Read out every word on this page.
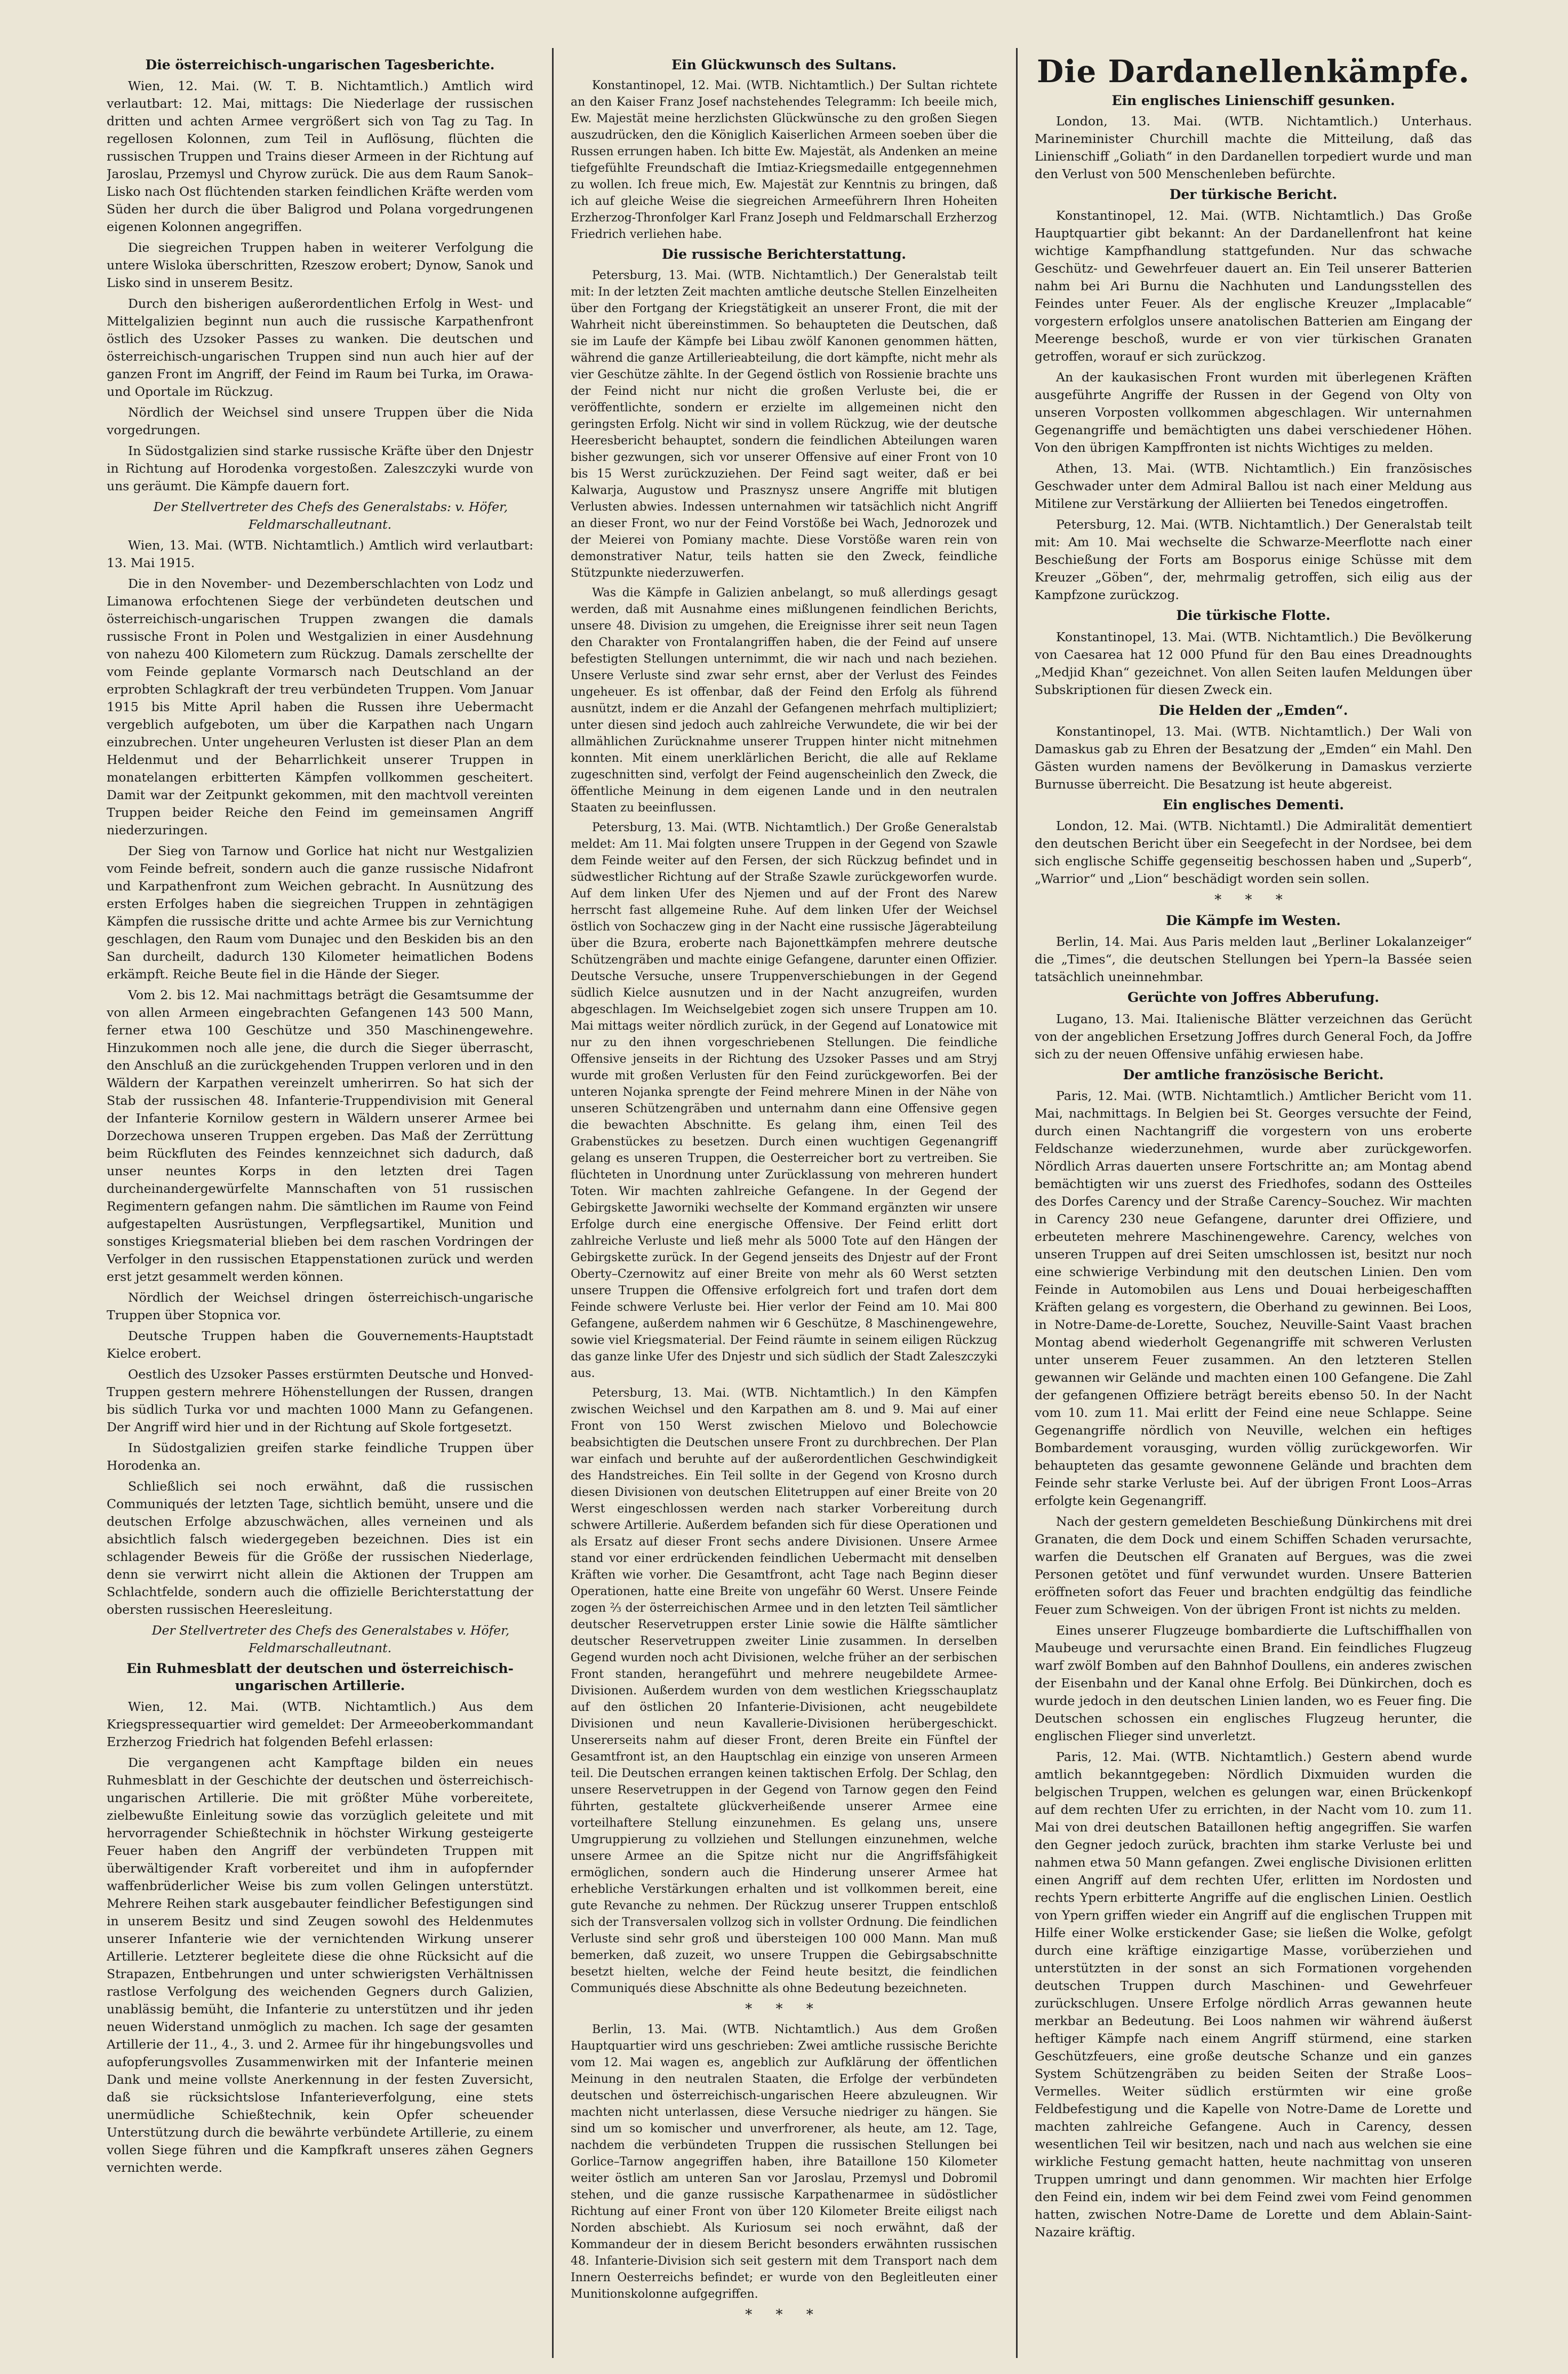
Die österreichisch-ungarischen Tagesberichte.

Wien, 12. Mai. (W. T. B. Nichtamtlich.) Amtlich wird verlautbart: 12. Mai, mittags: Die Niederlage der russischen dritten und achten Armee vergrößert sich von Tag zu Tag. In regellosen Kolonnen, zum Teil in Auflösung, flüchten die russischen Truppen und Trains dieser Armeen in der Richtung auf Jaroslau, Przemysl und Chyrow zurück. Die aus dem Raum Sanok–Lisko nach Ost flüchtenden starken feindlichen Kräfte werden vom Süden her durch die über Baligrod und Polana vorgedrungenen eigenen Kolonnen angegriffen.

Die siegreichen Truppen haben in weiterer Verfolgung die untere Wisloka überschritten, Rzeszow erobert; Dynow, Sanok und Lisko sind in unserem Besitz.

Durch den bisherigen außerordentlichen Erfolg in West- und Mittelgalizien beginnt nun auch die russische Karpathenfront östlich des Uzsoker Passes zu wanken. Die deutschen und österreichisch-ungarischen Truppen sind nun auch hier auf der ganzen Front im Angriff, der Feind im Raum bei Turka, im Orawa- und Oportale im Rückzug.

Nördlich der Weichsel sind unsere Truppen über die Nida vorgedrungen.

In Südostgalizien sind starke russische Kräfte über den Dnjestr in Richtung auf Horodenka vorgestoßen. Zaleszczyki wurde von uns geräumt. Die Kämpfe dauern fort.

Der Stellvertreter des Chefs des Generalstabs: v. Höfer, Feldmarschalleutnant.

Wien, 13. Mai. (WTB. Nichtamtlich.) Amtlich wird verlautbart: 13. Mai 1915.

Die in den November- und Dezemberschlachten von Lodz und Limanowa erfochtenen Siege der verbündeten deutschen und österreichisch-ungarischen Truppen zwangen die damals russische Front in Polen und Westgalizien in einer Ausdehnung von nahezu 400 Kilometern zum Rückzug. Damals zerschellte der vom Feinde geplante Vormarsch nach Deutschland an der erprobten Schlagkraft der treu verbündeten Truppen. Vom Januar 1915 bis Mitte April haben die Russen ihre Uebermacht vergeblich aufgeboten, um über die Karpathen nach Ungarn einzubrechen. Unter ungeheuren Verlusten ist dieser Plan an dem Heldenmut und der Beharrlichkeit unserer Truppen in monatelangen erbitterten Kämpfen vollkommen gescheitert. Damit war der Zeitpunkt gekommen, mit den machtvoll vereinten Truppen beider Reiche den Feind im gemeinsamen Angriff niederzuringen.

Der Sieg von Tarnow und Gorlice hat nicht nur Westgalizien vom Feinde befreit, sondern auch die ganze russische Nidafront und Karpathenfront zum Weichen gebracht. In Ausnützung des ersten Erfolges haben die siegreichen Truppen in zehntägigen Kämpfen die russische dritte und achte Armee bis zur Vernichtung geschlagen, den Raum vom Dunajec und den Beskiden bis an den San durcheilt, dadurch 130 Kilometer heimatlichen Bodens erkämpft. Reiche Beute fiel in die Hände der Sieger.

Vom 2. bis 12. Mai nachmittags beträgt die Gesamtsumme der von allen Armeen eingebrachten Gefangenen 143 500 Mann, ferner etwa 100 Geschütze und 350 Maschinengewehre. Hinzukommen noch alle jene, die durch die Sieger überrascht, den Anschluß an die zurückgehenden Truppen verloren und in den Wäldern der Karpathen vereinzelt umherirren. So hat sich der Stab der russischen 48. Infanterie-Truppendivision mit General der Infanterie Kornilow gestern in Wäldern unserer Armee bei Dorzechowa unseren Truppen ergeben. Das Maß der Zerrüttung beim Rückfluten des Feindes kennzeichnet sich dadurch, daß unser neuntes Korps in den letzten drei Tagen durcheinandergewürfelte Mannschaften von 51 russischen Regimentern gefangen nahm. Die sämtlichen im Raume von Feind aufgestapelten Ausrüstungen, Verpflegsartikel, Munition und sonstiges Kriegsmaterial blieben bei dem raschen Vordringen der Verfolger in den russischen Etappenstationen zurück und werden erst jetzt gesammelt werden können.

Nördlich der Weichsel dringen österreichisch-ungarische Truppen über Stopnica vor.

Deutsche Truppen haben die Gouvernements-Hauptstadt Kielce erobert.

Oestlich des Uzsoker Passes erstürmten Deutsche und Honved-Truppen gestern mehrere Höhenstellungen der Russen, drangen bis südlich Turka vor und machten 1000 Mann zu Gefangenen. Der Angriff wird hier und in der Richtung auf Skole fortgesetzt.

In Südostgalizien greifen starke feindliche Truppen über Horodenka an.

Schließlich sei noch erwähnt, daß die russischen Communiqués der letzten Tage, sichtlich bemüht, unsere und die deutschen Erfolge abzuschwächen, alles verneinen und als absichtlich falsch wiedergegeben bezeichnen. Dies ist ein schlagender Beweis für die Größe der russischen Niederlage, denn sie verwirrt nicht allein die Aktionen der Truppen am Schlachtfelde, sondern auch die offizielle Berichterstattung der obersten russischen Heeresleitung.

Der Stellvertreter des Chefs des Generalstabes v. Höfer, Feldmarschalleutnant.

Ein Ruhmesblatt der deutschen und österreichisch-ungarischen Artillerie.

Wien, 12. Mai. (WTB. Nichtamtlich.) Aus dem Kriegspressequartier wird gemeldet: Der Armeeoberkommandant Erzherzog Friedrich hat folgenden Befehl erlassen:

Die vergangenen acht Kampftage bilden ein neues Ruhmesblatt in der Geschichte der deutschen und österreichisch-ungarischen Artillerie. Die mit größter Mühe vorbereitete, zielbewußte Einleitung sowie das vorzüglich geleitete und mit hervorragender Schießtechnik in höchster Wirkung gesteigerte Feuer haben den Angriff der verbündeten Truppen mit überwältigender Kraft vorbereitet und ihm in aufopfernder waffenbrüderlicher Weise bis zum vollen Gelingen unterstützt. Mehrere Reihen stark ausgebauter feindlicher Befestigungen sind in unserem Besitz und sind Zeugen sowohl des Heldenmutes unserer Infanterie wie der vernichtenden Wirkung unserer Artillerie. Letzterer begleitete diese die ohne Rücksicht auf die Strapazen, Entbehrungen und unter schwierigsten Verhältnissen rastlose Verfolgung des weichenden Gegners durch Galizien, unablässig bemüht, die Infanterie zu unterstützen und ihr jeden neuen Widerstand unmöglich zu machen. Ich sage der gesamten Artillerie der 11., 4., 3. und 2. Armee für ihr hingebungsvolles und aufopferungsvolles Zusammenwirken mit der Infanterie meinen Dank und meine vollste Anerkennung in der festen Zuversicht, daß sie rücksichtslose Infanterieverfolgung, eine stets unermüdliche Schießtechnik, kein Opfer scheuender Unterstützung durch die bewährte verbündete Artillerie, zu einem vollen Siege führen und die Kampfkraft unseres zähen Gegners vernichten werde.

Ein Glückwunsch des Sultans.

Konstantinopel, 12. Mai. (WTB. Nichtamtlich.) Der Sultan richtete an den Kaiser Franz Josef nachstehendes Telegramm: Ich beeile mich, Ew. Majestät meine herzlichsten Glückwünsche zu den großen Siegen auszudrücken, den die Königlich Kaiserlichen Armeen soeben über die Russen errungen haben. Ich bitte Ew. Majestät, als Andenken an meine tiefgefühlte Freundschaft die Imtiaz-Kriegsmedaille entgegennehmen zu wollen. Ich freue mich, Ew. Majestät zur Kenntnis zu bringen, daß ich auf gleiche Weise die siegreichen Armeeführern Ihren Hoheiten Erzherzog-Thronfolger Karl Franz Joseph und Feldmarschall Erzherzog Friedrich verliehen habe.

Die russische Berichterstattung.

Petersburg, 13. Mai. (WTB. Nichtamtlich.) Der Generalstab teilt mit: In der letzten Zeit machten amtliche deutsche Stellen Einzelheiten über den Fortgang der Kriegstätigkeit an unserer Front, die mit der Wahrheit nicht übereinstimmen. So behaupteten die Deutschen, daß sie im Laufe der Kämpfe bei Libau zwölf Kanonen genommen hätten, während die ganze Artillerieabteilung, die dort kämpfte, nicht mehr als vier Geschütze zählte. In der Gegend östlich von Rossienie brachte uns der Feind nicht nur nicht die großen Verluste bei, die er veröffentlichte, sondern er erzielte im allgemeinen nicht den geringsten Erfolg. Nicht wir sind in vollem Rückzug, wie der deutsche Heeresbericht behauptet, sondern die feindlichen Abteilungen waren bisher gezwungen, sich vor unserer Offensive auf einer Front von 10 bis 15 Werst zurückzuziehen. Der Feind sagt weiter, daß er bei Kalwarja, Augustow und Prasznysz unsere Angriffe mit blutigen Verlusten abwies. Indessen unternahmen wir tatsächlich nicht Angriff an dieser Front, wo nur der Feind Vorstöße bei Wach, Jednorozek und der Meierei von Pomiany machte. Diese Vorstöße waren rein von demonstrativer Natur, teils hatten sie den Zweck, feindliche Stützpunkte niederzuwerfen.

Was die Kämpfe in Galizien anbelangt, so muß allerdings gesagt werden, daß mit Ausnahme eines mißlungenen feindlichen Berichts, unsere 48. Division zu umgehen, die Ereignisse ihrer seit neun Tagen den Charakter von Frontalangriffen haben, die der Feind auf unsere befestigten Stellungen unternimmt, die wir nach und nach beziehen. Unsere Verluste sind zwar sehr ernst, aber der Verlust des Feindes ungeheuer. Es ist offenbar, daß der Feind den Erfolg als führend ausnützt, indem er die Anzahl der Gefangenen mehrfach multipliziert; unter diesen sind jedoch auch zahlreiche Verwundete, die wir bei der allmählichen Zurücknahme unserer Truppen hinter nicht mitnehmen konnten. Mit einem unerklärlichen Bericht, die alle auf Reklame zugeschnitten sind, verfolgt der Feind augenscheinlich den Zweck, die öffentliche Meinung in dem eigenen Lande und in den neutralen Staaten zu beeinflussen.

Petersburg, 13. Mai. (WTB. Nichtamtlich.) Der Große Generalstab meldet: Am 11. Mai folgten unsere Truppen in der Gegend von Szawle dem Feinde weiter auf den Fersen, der sich Rückzug befindet und in südwestlicher Richtung auf der Straße Szawle zurückgeworfen wurde. Auf dem linken Ufer des Njemen und auf der Front des Narew herrscht fast allgemeine Ruhe. Auf dem linken Ufer der Weichsel östlich von Sochaczew ging in der Nacht eine russische Jägerabteilung über die Bzura, eroberte nach Bajonettkämpfen mehrere deutsche Schützengräben und machte einige Gefangene, darunter einen Offizier. Deutsche Versuche, unsere Truppenverschiebungen in der Gegend südlich Kielce ausnutzen und in der Nacht anzugreifen, wurden abgeschlagen. Im Weichselgebiet zogen sich unsere Truppen am 10. Mai mittags weiter nördlich zurück, in der Gegend auf Lonatowice mit nur zu den ihnen vorgeschriebenen Stellungen. Die feindliche Offensive jenseits in der Richtung des Uzsoker Passes und am Stryj wurde mit großen Verlusten für den Feind zurückgeworfen. Bei der unteren Nojanka sprengte der Feind mehrere Minen in der Nähe von unseren Schützengräben und unternahm dann eine Offensive gegen die bewachten Abschnitte. Es gelang ihm, einen Teil des Grabenstückes zu besetzen. Durch einen wuchtigen Gegenangriff gelang es unseren Truppen, die Oesterreicher bort zu vertreiben. Sie flüchteten in Unordnung unter Zurücklassung von mehreren hundert Toten. Wir machten zahlreiche Gefangene. In der Gegend der Gebirgskette Jaworniki wechselte der Kommand ergänzten wir unsere Erfolge durch eine energische Offensive. Der Feind erlitt dort zahlreiche Verluste und ließ mehr als 5000 Tote auf den Hängen der Gebirgskette zurück. In der Gegend jenseits des Dnjestr auf der Front Oberty–Czernowitz auf einer Breite von mehr als 60 Werst setzten unsere Truppen die Offensive erfolgreich fort und trafen dort dem Feinde schwere Verluste bei. Hier verlor der Feind am 10. Mai 800 Gefangene, außerdem nahmen wir 6 Geschütze, 8 Maschinengewehre, sowie viel Kriegsmaterial. Der Feind räumte in seinem eiligen Rückzug das ganze linke Ufer des Dnjestr und sich südlich der Stadt Zaleszczyki aus.

Petersburg, 13. Mai. (WTB. Nichtamtlich.) In den Kämpfen zwischen Weichsel und den Karpathen am 8. und 9. Mai auf einer Front von 150 Werst zwischen Mielovo und Bolechowcie beabsichtigten die Deutschen unsere Front zu durchbrechen. Der Plan war einfach und beruhte auf der außerordentlichen Geschwindigkeit des Handstreiches. Ein Teil sollte in der Gegend von Krosno durch diesen Divisionen von deutschen Elitetruppen auf einer Breite von 20 Werst eingeschlossen werden nach starker Vorbereitung durch schwere Artillerie. Außerdem befanden sich für diese Operationen und als Ersatz auf dieser Front sechs andere Divisionen. Unsere Armee stand vor einer erdrückenden feindlichen Uebermacht mit denselben Kräften wie vorher. Die Gesamtfront, acht Tage nach Beginn dieser Operationen, hatte eine Breite von ungefähr 60 Werst. Unsere Feinde zogen ⅔ der österreichischen Armee und in den letzten Teil sämtlicher deutscher Reservetruppen erster Linie sowie die Hälfte sämtlicher deutscher Reservetruppen zweiter Linie zusammen. In derselben Gegend wurden noch acht Divisionen, welche früher an der serbischen Front standen, herangeführt und mehrere neugebildete Armee-Divisionen. Außerdem wurden von dem westlichen Kriegsschauplatz auf den östlichen 20 Infanterie-Divisionen, acht neugebildete Divisionen und neun Kavallerie-Divisionen herübergeschickt. Unsererseits nahm auf dieser Front, deren Breite ein Fünftel der Gesamtfront ist, an den Hauptschlag ein einzige von unseren Armeen teil. Die Deutschen errangen keinen taktischen Erfolg. Der Schlag, den unsere Reservetruppen in der Gegend von Tarnow gegen den Feind führten, gestaltete glückverheißende unserer Armee eine vorteilhaftere Stellung einzunehmen. Es gelang uns, unsere Umgruppierung zu vollziehen und Stellungen einzunehmen, welche unsere Armee an die Spitze nicht nur die Angriffsfähigkeit ermöglichen, sondern auch die Hinderung unserer Armee hat erhebliche Verstärkungen erhalten und ist vollkommen bereit, eine gute Revanche zu nehmen. Der Rückzug unserer Truppen entschloß sich der Transversalen vollzog sich in vollster Ordnung. Die feindlichen Verluste sind sehr groß und übersteigen 100 000 Mann. Man muß bemerken, daß zuzeit, wo unsere Truppen die Gebirgsabschnitte besetzt hielten, welche der Feind heute besitzt, die feindlichen Communiqués diese Abschnitte als ohne Bedeutung bezeichneten.

* * *

Berlin, 13. Mai. (WTB. Nichtamtlich.) Aus dem Großen Hauptquartier wird uns geschrieben: Zwei amtliche russische Berichte vom 12. Mai wagen es, angeblich zur Aufklärung der öffentlichen Meinung in den neutralen Staaten, die Erfolge der verbündeten deutschen und österreichisch-ungarischen Heere abzuleugnen. Wir machten nicht unterlassen, diese Versuche niedriger zu hängen. Sie sind um so komischer und unverfrorener, als heute, am 12. Tage, nachdem die verbündeten Truppen die russischen Stellungen bei Gorlice–Tarnow angegriffen haben, ihre Bataillone 150 Kilometer weiter östlich am unteren San vor Jaroslau, Przemysl und Dobromil stehen, und die ganze russische Karpathenarmee in südöstlicher Richtung auf einer Front von über 120 Kilometer Breite eiligst nach Norden abschiebt. Als Kuriosum sei noch erwähnt, daß der Kommandeur der in diesem Bericht besonders erwähnten russischen 48. Infanterie-Division sich seit gestern mit dem Transport nach dem Innern Oesterreichs befindet; er wurde von den Begleitleuten einer Munitionskolonne aufgegriffen.

* * *
Die Dardanellenkämpfe.
Ein englisches Linienschiff gesunken.

London, 13. Mai. (WTB. Nichtamtlich.) Unterhaus. Marineminister Churchill machte die Mitteilung, daß das Linienschiff „Goliath“ in den Dardanellen torpediert wurde und man den Verlust von 500 Menschenleben befürchte.

Der türkische Bericht.

Konstantinopel, 12. Mai. (WTB. Nichtamtlich.) Das Große Hauptquartier gibt bekannt: An der Dardanellenfront hat keine wichtige Kampfhandlung stattgefunden. Nur das schwache Geschütz- und Gewehrfeuer dauert an. Ein Teil unserer Batterien nahm bei Ari Burnu die Nachhuten und Landungsstellen des Feindes unter Feuer. Als der englische Kreuzer „Implacable“ vorgestern erfolglos unsere anatolischen Batterien am Eingang der Meerenge beschoß, wurde er von vier türkischen Granaten getroffen, worauf er sich zurückzog.

An der kaukasischen Front wurden mit überlegenen Kräften ausgeführte Angriffe der Russen in der Gegend von Olty von unseren Vorposten vollkommen abgeschlagen. Wir unternahmen Gegenangriffe und bemächtigten uns dabei verschiedener Höhen. Von den übrigen Kampffronten ist nichts Wichtiges zu melden.

Athen, 13. Mai. (WTB. Nichtamtlich.) Ein französisches Geschwader unter dem Admiral Ballou ist nach einer Meldung aus Mitilene zur Verstärkung der Alliierten bei Tenedos eingetroffen.

Petersburg, 12. Mai. (WTB. Nichtamtlich.) Der Generalstab teilt mit: Am 10. Mai wechselte die Schwarze-Meerflotte nach einer Beschießung der Forts am Bosporus einige Schüsse mit dem Kreuzer „Göben“, der, mehrmalig getroffen, sich eilig aus der Kampfzone zurückzog.

Die türkische Flotte.

Konstantinopel, 13. Mai. (WTB. Nichtamtlich.) Die Bevölkerung von Caesarea hat 12 000 Pfund für den Bau eines Dreadnoughts „Medjid Khan“ gezeichnet. Von allen Seiten laufen Meldungen über Subskriptionen für diesen Zweck ein.

Die Helden der „Emden“.

Konstantinopel, 13. Mai. (WTB. Nichtamtlich.) Der Wali von Damaskus gab zu Ehren der Besatzung der „Emden“ ein Mahl. Den Gästen wurden namens der Bevölkerung in Damaskus verzierte Burnusse überreicht. Die Besatzung ist heute abgereist.

Ein englisches Dementi.

London, 12. Mai. (WTB. Nichtamtl.) Die Admiralität dementiert den deutschen Bericht über ein Seegefecht in der Nordsee, bei dem sich englische Schiffe gegenseitig beschossen haben und „Superb“, „Warrior“ und „Lion“ beschädigt worden sein sollen.

* * *
Die Kämpfe im Westen.

Berlin, 14. Mai. Aus Paris melden laut „Berliner Lokalanzeiger“ die „Times“, die deutschen Stellungen bei Ypern–la Bassée seien tatsächlich uneinnehmbar.

Gerüchte von Joffres Abberufung.

Lugano, 13. Mai. Italienische Blätter verzeichnen das Gerücht von der angeblichen Ersetzung Joffres durch General Foch, da Joffre sich zu der neuen Offensive unfähig erwiesen habe.

Der amtliche französische Bericht.

Paris, 12. Mai. (WTB. Nichtamtlich.) Amtlicher Bericht vom 11. Mai, nachmittags. In Belgien bei St. Georges versuchte der Feind, durch einen Nachtangriff die vorgestern von uns eroberte Feldschanze wiederzunehmen, wurde aber zurückgeworfen. Nördlich Arras dauerten unsere Fortschritte an; am Montag abend bemächtigten wir uns zuerst des Friedhofes, sodann des Ostteiles des Dorfes Carency und der Straße Carency–Souchez. Wir machten in Carency 230 neue Gefangene, darunter drei Offiziere, und erbeuteten mehrere Maschinengewehre. Carency, welches von unseren Truppen auf drei Seiten umschlossen ist, besitzt nur noch eine schwierige Verbindung mit den deutschen Linien. Den vom Feinde in Automobilen aus Lens und Douai herbeigeschafften Kräften gelang es vorgestern, die Oberhand zu gewinnen. Bei Loos, in Notre-Dame-de-Lorette, Souchez, Neuville-Saint Vaast brachen Montag abend wiederholt Gegenangriffe mit schweren Verlusten unter unserem Feuer zusammen. An den letzteren Stellen gewannen wir Gelände und machten einen 100 Gefangene. Die Zahl der gefangenen Offiziere beträgt bereits ebenso 50. In der Nacht vom 10. zum 11. Mai erlitt der Feind eine neue Schlappe. Seine Gegenangriffe nördlich von Neuville, welchen ein heftiges Bombardement vorausging, wurden völlig zurückgeworfen. Wir behaupteten das gesamte gewonnene Gelände und brachten dem Feinde sehr starke Verluste bei. Auf der übrigen Front Loos–Arras erfolgte kein Gegenangriff.

Nach der gestern gemeldeten Beschießung Dünkirchens mit drei Granaten, die dem Dock und einem Schiffen Schaden verursachte, warfen die Deutschen elf Granaten auf Bergues, was die zwei Personen getötet und fünf verwundet wurden. Unsere Batterien eröffneten sofort das Feuer und brachten endgültig das feindliche Feuer zum Schweigen. Von der übrigen Front ist nichts zu melden.

Eines unserer Flugzeuge bombardierte die Luftschiffhallen von Maubeuge und verursachte einen Brand. Ein feindliches Flugzeug warf zwölf Bomben auf den Bahnhof Doullens, ein anderes zwischen der Eisenbahn und der Kanal ohne Erfolg. Bei Dünkirchen, doch es wurde jedoch in den deutschen Linien landen, wo es Feuer fing. Die Deutschen schossen ein englisches Flugzeug herunter, die englischen Flieger sind unverletzt.

Paris, 12. Mai. (WTB. Nichtamtlich.) Gestern abend wurde amtlich bekanntgegeben: Nördlich Dixmuiden wurden die belgischen Truppen, welchen es gelungen war, einen Brückenkopf auf dem rechten Ufer zu errichten, in der Nacht vom 10. zum 11. Mai von drei deutschen Bataillonen heftig angegriffen. Sie warfen den Gegner jedoch zurück, brachten ihm starke Verluste bei und nahmen etwa 50 Mann gefangen. Zwei englische Divisionen erlitten einen Angriff auf dem rechten Ufer, erlitten im Nordosten und rechts Ypern erbitterte Angriffe auf die englischen Linien. Oestlich von Ypern griffen wieder ein Angriff auf die englischen Truppen mit Hilfe einer Wolke erstickender Gase; sie ließen die Wolke, gefolgt durch eine kräftige einzigartige Masse, vorüberziehen und unterstützten in der sonst an sich Formationen vorgehenden deutschen Truppen durch Maschinen- und Gewehrfeuer zurückschlugen. Unsere Erfolge nördlich Arras gewannen heute merkbar an Bedeutung. Bei Loos nahmen wir während äußerst heftiger Kämpfe nach einem Angriff stürmend, eine starken Geschützfeuers, eine große deutsche Schanze und ein ganzes System Schützengräben zu beiden Seiten der Straße Loos–Vermelles. Weiter südlich erstürmten wir eine große Feldbefestigung und die Kapelle von Notre-Dame de Lorette und machten zahlreiche Gefangene. Auch in Carency, dessen wesentlichen Teil wir besitzen, nach und nach aus welchen sie eine wirkliche Festung gemacht hatten, heute nachmittag von unseren Truppen umringt und dann genommen. Wir machten hier Erfolge den Feind ein, indem wir bei dem Feind zwei vom Feind genommen hatten, zwischen Notre-Dame de Lorette und dem Ablain-Saint-Nazaire kräftig.
